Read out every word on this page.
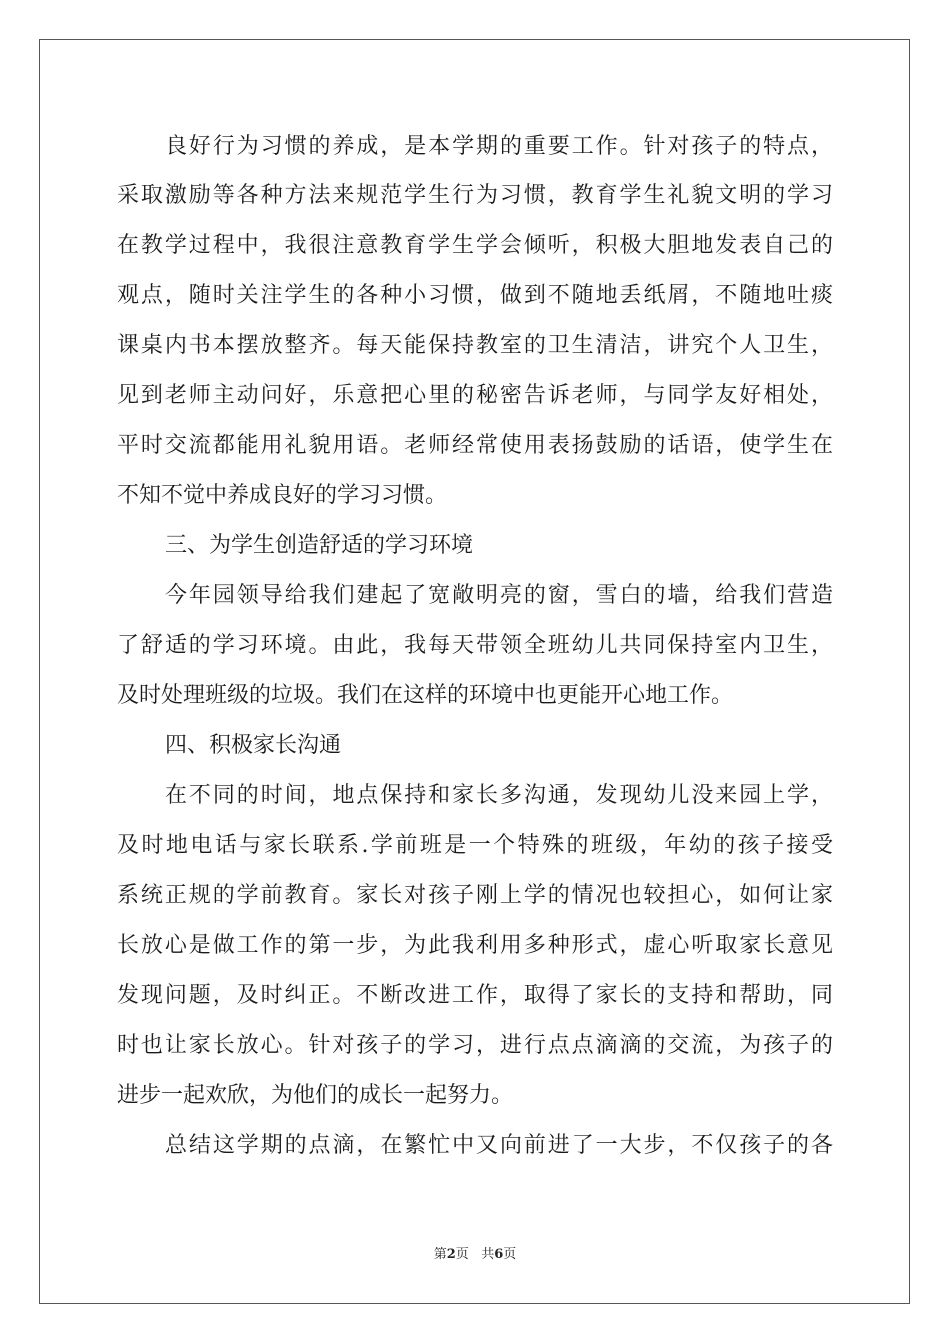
良好行为习惯的养成，是本学期的重要工作。针对孩子的特点，
采取激励等各种方法来规范学生行为习惯，教育学生礼貌文明的学习
在教学过程中，我很注意教育学生学会倾听，积极大胆地发表自己的
观点，随时关注学生的各种小习惯，做到不随地丢纸屑，不随地吐痰
课桌内书本摆放整齐。每天能保持教室的卫生清洁，讲究个人卫生，
见到老师主动问好，乐意把心里的秘密告诉老师，与同学友好相处，
平时交流都能用礼貌用语。老师经常使用表扬鼓励的话语，使学生在
不知不觉中养成良好的学习习惯。
三、为学生创造舒适的学习环境
今年园领导给我们建起了宽敞明亮的窗，雪白的墙，给我们营造
了舒适的学习环境。由此，我每天带领全班幼儿共同保持室内卫生，
及时处理班级的垃圾。我们在这样的环境中也更能开心地工作。
四、积极家长沟通
在不同的时间，地点保持和家长多沟通，发现幼儿没来园上学，
及时地电话与家长联系.学前班是一个特殊的班级，年幼的孩子接受
系统正规的学前教育。家长对孩子刚上学的情况也较担心，如何让家
长放心是做工作的第一步，为此我利用多种形式，虚心听取家长意见
发现问题，及时纠正。不断改进工作，取得了家长的支持和帮助，同
时也让家长放心。针对孩子的学习，进行点点滴滴的交流，为孩子的
进步一起欢欣，为他们的成长一起努力。
总结这学期的点滴，在繁忙中又向前进了一大步，不仅孩子的各
第2页 共6页
